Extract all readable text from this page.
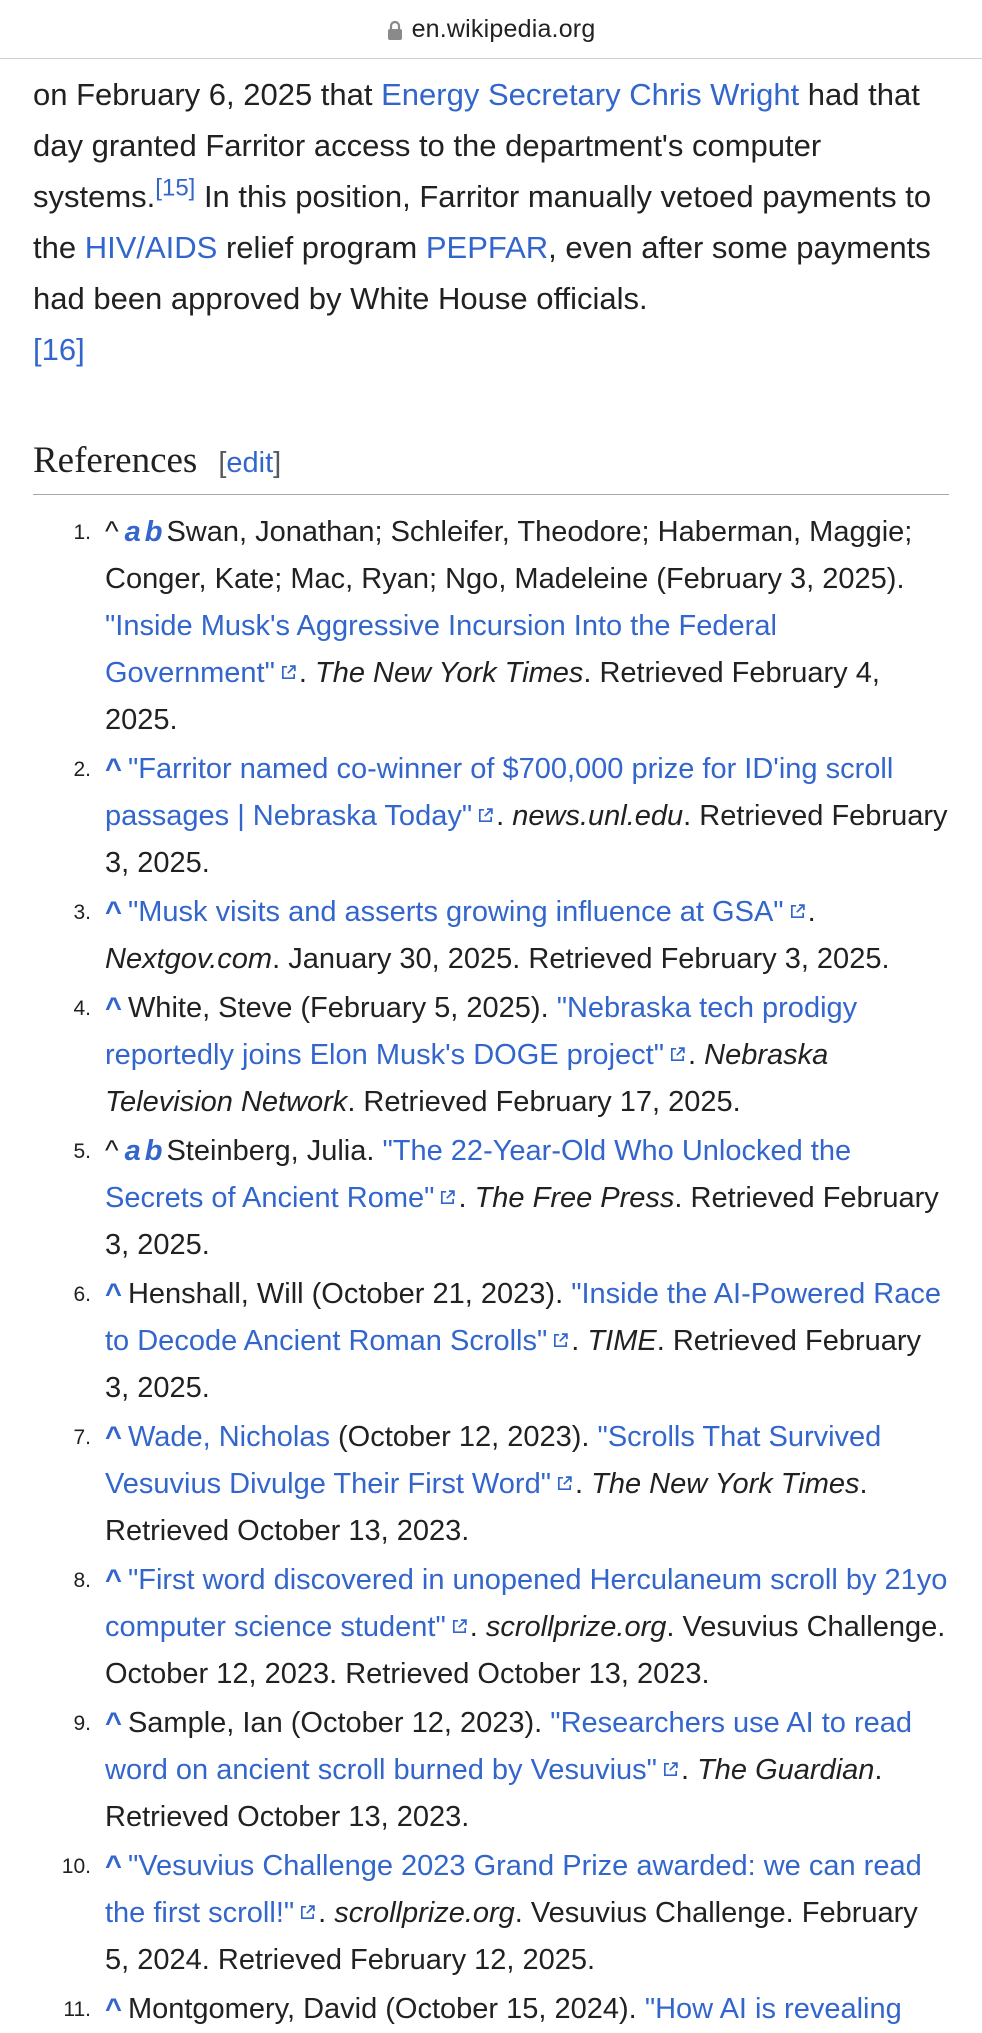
en.wikipedia.org

on February 6, 2025 that Energy Secretary Chris Wright had that day granted Farritor access to the department's computer systems.[15] In this position, Farritor manually vetoed payments to the HIV/AIDS relief program PEPFAR, even after some payments had been approved by White House officials.
[16]

References [edit]
1. ^ a b Swan, Jonathan; Schleifer, Theodore; Haberman, Maggie; Conger, Kate; Mac, Ryan; Ngo, Madeleine (February 3, 2025). "Inside Musk's Aggressive Incursion Into the Federal Government" . The New York Times. Retrieved February 4, 2025.
2. ^ "Farritor named co-winner of $700,000 prize for ID'ing scroll passages | Nebraska Today" . news.unl.edu. Retrieved February 3, 2025.
3. ^ "Musk visits and asserts growing influence at GSA" . Nextgov.com. January 30, 2025. Retrieved February 3, 2025.
4. ^ White, Steve (February 5, 2025). "Nebraska tech prodigy reportedly joins Elon Musk's DOGE project" . Nebraska Television Network. Retrieved February 17, 2025.
5. ^ a b Steinberg, Julia. "The 22-Year-Old Who Unlocked the Secrets of Ancient Rome" . The Free Press. Retrieved February 3, 2025.
6. ^ Henshall, Will (October 21, 2023). "Inside the AI-Powered Race to Decode Ancient Roman Scrolls" . TIME. Retrieved February 3, 2025.
7. ^ Wade, Nicholas (October 12, 2023). "Scrolls That Survived Vesuvius Divulge Their First Word" . The New York Times. Retrieved October 13, 2023.
8. ^ "First word discovered in unopened Herculaneum scroll by 21yo computer science student" . scrollprize.org. Vesuvius Challenge. October 12, 2023. Retrieved October 13, 2023.
9. ^ Sample, Ian (October 12, 2023). "Researchers use AI to read word on ancient scroll burned by Vesuvius" . The Guardian. Retrieved October 13, 2023.
10. ^ "Vesuvius Challenge 2023 Grand Prize awarded: we can read the first scroll!" . scrollprize.org. Vesuvius Challenge. February 5, 2024. Retrieved February 12, 2025.
11. ^ Montgomery, David (October 15, 2024). "How AI is revealing
